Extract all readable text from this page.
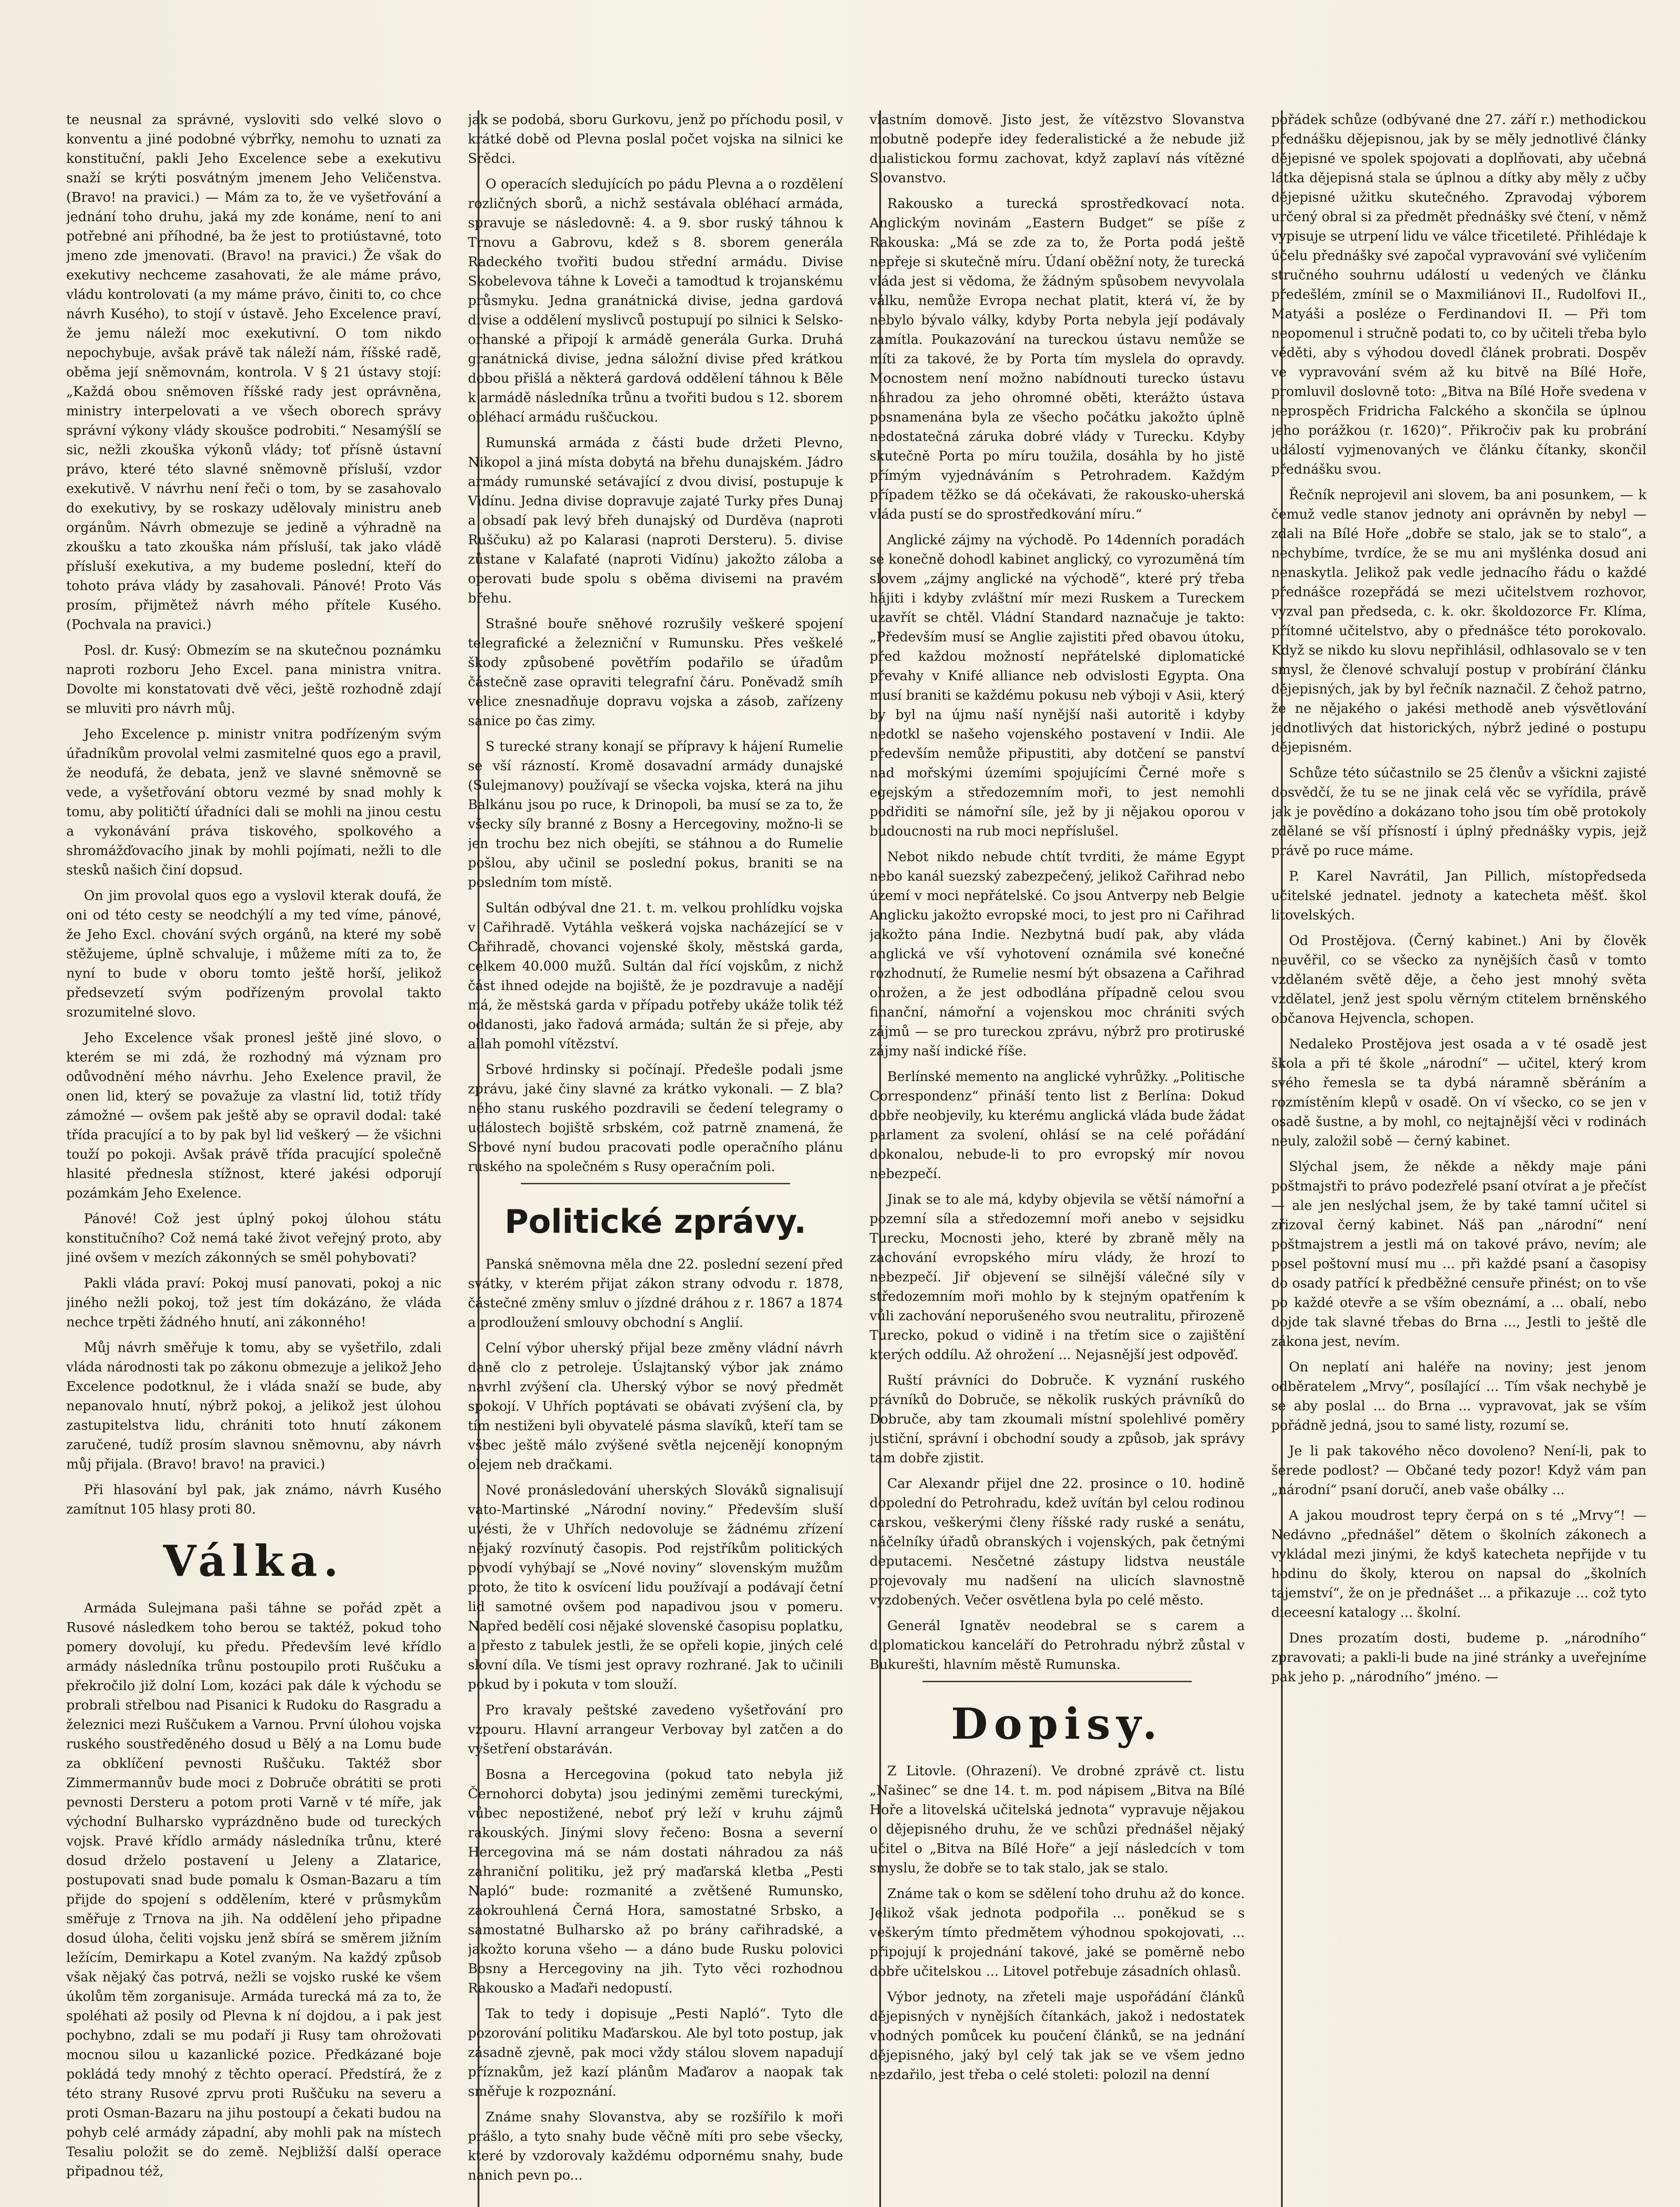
te neusnal za správné, vysloviti sdo velké slovo o konventu a jiné podobné výbrřky, nemohu to uznati za konstituční, pakli Jeho Excelence sebe a exekutivu snaží se krýti posvátným jmenem Jeho Veličenstva. (Bravo! na pravici.) — Mám za to, že ve vyšetřování a jednání toho druhu, jaká my zde konáme, není to ani potřebné ani příhodné, ba že jest to protiústavné, toto jmeno zde jmenovati. (Bravo! na pravici.) Že však do exekutivy nechceme zasahovati, že ale máme právo, vládu kontrolovati (a my máme právo, činiti to, co chce návrh Kusého), to stojí v ústavě. Jeho Excelence praví, že jemu náleží moc exekutivní. O tom nikdo nepochybuje, avšak právě tak náleží nám, říšské radě, oběma její sněmovnám, kontrola. V § 21 ústavy stojí: „Každá obou sněmoven říšské rady jest oprávněna, ministry interpelovati a ve všech oborech správy správní výkony vlády skoušce podrobiti.“ Nesamýšlí se sic, nežli zkouška výkonů vlády; toť přísně ústavní právo, které této slavné sněmovně přísluší, vzdor exekutivě. V návrhu není řeči o tom, by se zasahovalo do exekutivy, by se roskazy udělovaly ministru aneb orgánům. Návrh obmezuje se jedině a výhradně na zkoušku a tato zkouška nám přísluší, tak jako vládě přísluší exekutiva, a my budeme poslední, kteří do tohoto práva vlády by zasahovali. Pánové! Proto Vás prosím, přijmětež návrh mého přítele Kusého. (Pochvala na pravici.)

Posl. dr. Kusý: Obmezím se na skutečnou poznámku naproti rozboru Jeho Excel. pana ministra vnitra. Dovolte mi konstatovati dvě věci, ještě rozhodně zdají se mluviti pro návrh můj.

Jeho Excelence p. ministr vnitra podřízeným svým úřadníkům provolal velmi zasmitelné quos ego a pravil, že neodufá, že debata, jenž ve slavné sněmovně se vede, a vyšetřování obtoru vezmé by snad mohly k tomu, aby političtí úřadníci dali se mohli na jinou cestu a vykonávání práva tiskového, spolkového a shromážďovacího jinak by mohli pojímati, nežli to dle stesků našich činí dopsud.

On jim provolal quos ego a vyslovil kterak doufá, že oni od této cesty se neodchýlí a my ted víme, pánové, že Jeho Excl. chování svých orgánů, na které my sobě stěžujeme, úplně schvaluje, i můžeme míti za to, že nyní to bude v oboru tomto ještě horší, jelikož předsevzetí svým podřízeným provolal takto srozumitelné slovo.

Jeho Excelence však pronesl ještě jiné slovo, o kterém se mi zdá, že rozhodný má význam pro odůvodnění mého návrhu. Jeho Exelence pravil, že onen lid, který se považuje za vlastní lid, totiž třídy zámožné — ovšem pak ještě aby se opravil dodal: také třída pracující a to by pak byl lid veškerý — že všichni touží po pokoji. Avšak právě třída pracující společně hlasité přednesla stížnost, které jakési odporují pozámkám Jeho Exelence.

Pánové! Což jest úplný pokoj úlohou státu konstitučního? Což nemá také život veřejný proto, aby jiné ovšem v mezích zákonných se směl pohybovati?

Pakli vláda praví: Pokoj musí panovati, pokoj a nic jiného nežli pokoj, tož jest tím dokázáno, že vláda nechce trpěti žádného hnutí, ani zákonného!

Můj návrh směřuje k tomu, aby se vyšetřilo, zdali vláda národnosti tak po zákonu obmezuje a jelikož Jeho Excelence podotknul, že i vláda snaží se bude, aby nepanovalo hnutí, nýbrž pokoj, a jelikož jest úlohou zastupitelstva lidu, chrániti toto hnutí zákonem zaručené, tudíž prosím slavnou sněmovnu, aby návrh můj přijala. (Bravo! bravo! na pravici.)

Při hlasování byl pak, jak známo, návrh Kusého zamítnut 105 hlasy proti 80.

Válka.

Armáda Sulejmana paši táhne se pořád zpět a Rusové následkem toho berou se taktéž, pokud toho pomery dovolují, ku předu. Především levé křídlo armády následníka trůnu postoupilo proti Ruščuku a překročilo již dolní Lom, kozáci pak dále k východu se probrali střelbou nad Pisanici k Rudoku do Rasgradu a železnici mezi Ruščukem a Varnou. První úlohou vojska ruského soustředěného dosud u Bělý a na Lomu bude za obklíčení pevnosti Ruščuku. Taktéž sbor Zimmermannův bude moci z Dobruče obrátiti se proti pevnosti Dersteru a potom proti Varně v té míře, jak východní Bulharsko vyprázdněno bude od tureckých vojsk. Pravé křídlo armády následníka trůnu, které dosud drželo postavení u Jeleny a Zlatarice, postupovati snad bude pomalu k Osman-Bazaru a tím přijde do spojení s oddělením, které v průsmykům směřuje z Trnova na jih. Na oddělení jeho připadne dosud úloha, čeliti vojsku jenž sbírá se směrem jižním ležícím, Demirkapu a Kotel zvaným. Na každý způsob však nějaký čas potrvá, nežli se vojsko ruské ke všem úkolům těm zorganisuje. Armáda turecká má za to, že spoléhati až posily od Plevna k ní dojdou, a i pak jest pochybno, zdali se mu podaří ji Rusy tam ohrožovati mocnou silou u kazanlické pozice. Předkázané boje pokládá tedy mnohý z těchto operací. Předstírá, že z této strany Rusové zprvu proti Ruščuku na severu a proti Osman-Bazaru na jihu postoupí a čekati budou na pohyb celé armády západní, aby mohli pak na místech Tesaliu položit se do země. Nejbližší další operace připadnou též,

jak se podobá, sboru Gurkovu, jenž po příchodu posil, v krátké době od Plevna poslal počet vojska na silnici ke Srědci.

O operacích sledujících po pádu Plevna a o rozdělení rozličných sborů, a nichž sestávala obléhací armáda, spravuje se následovně: 4. a 9. sbor ruský táhnou k Trnovu a Gabrovu, kdež s 8. sborem generála Radeckého tvořiti budou střední armádu. Divise Skobelevova táhne k Loveči a tamodtud k trojanskému průsmyku. Jedna granátnická divise, jedna gardová divise a oddělení myslivců postupují po silnici k Selsko-orhanské a připojí k armádě generála Gurka. Druhá granátnická divise, jedna sáložní divise před krátkou dobou přišlá a některá gardová oddělení táhnou k Běle k armádě následníka trůnu a tvořiti budou s 12. sborem obléhací armádu ruščuckou.

Rumunská armáda z části bude držeti Plevno, Nikopol a jiná místa dobytá na břehu dunajském. Jádro armády rumunské setávající z dvou divisí, postupuje k Vidínu. Jedna divise dopravuje zajaté Turky přes Dunaj a obsadí pak levý břeh dunajský od Durděva (naproti Ruščuku) až po Kalarasi (naproti Dersteru). 5. divise zůstane v Kalafaté (naproti Vidínu) jakožto záloba a operovati bude spolu s oběma divisemi na pravém břehu.

Strašné bouře sněhové rozrušily veškeré spojení telegrafické a železniční v Rumunsku. Přes veškelé škody způsobené povětřím podařilo se úřadům částečně zase opraviti telegrafní čáru. Poněvadž smíh velice znesnadňuje dopravu vojska a zásob, zařízeny sanice po čas zimy.

S turecké strany konají se přípravy k hájení Rumelie se vší rázností. Kromě dosavadní armády dunajské (Sulejmanovy) používají se všecka vojska, která na jihu Balkánu jsou po ruce, k Drinopoli, ba musí se za to, že všecky síly branné z Bosny a Hercegoviny, možno-li se jen trochu bez nich obejíti, se stáhnou a do Rumelie pošlou, aby učinil se poslední pokus, braniti se na posledním tom místě.

Sultán odbýval dne 21. t. m. velkou prohlídku vojska v Cařihradě. Vytáhla veškerá vojska nacházející se v Cařihradě, chovanci vojenské školy, městská garda, celkem 40.000 mužů. Sultán dal řící vojskům, z nichž část ihned odejde na bojiště, že je pozdravuje a nadějí má, že městská garda v případu potřeby ukáže tolik též oddanosti, jako řadová armáda; sultán že si přeje, aby allah pomohl vítězství.

Srbové hrdinsky si počínají. Předešle podali jsme zprávu, jaké činy slavné za krátko vykonali. — Z bla?ného stanu ruského pozdravili se čedení telegramy o událostech bojiště srbském, což patrně znamená, že Srbové nyní budou pracovati podle operačního plánu ruského na společném s Rusy operačním poli.

Politické zprávy.

Panská sněmovna měla dne 22. poslední sezení před svátky, v kterém přijat zákon strany odvodu r. 1878, částečné změny smluv o jízdné dráhou z r. 1867 a 1874 a prodloužení smlouvy obchodní s Anglií.

Celní výbor uherský přijal beze změny vládní návrh daně clo z petroleje. Úslajtanský výbor jak známo navrhl zvýšení cla. Uherský výbor se nový předmět spokojí. V Uhřích poptávati se obávati zvýšení cla, by tím nestiženi byli obyvatelé pásma slavíků, kteří tam se všbec ještě málo zvýšené světla nejcenějí konopným olejem neb dračkami.

Nové pronásledování uherských Slováků signalisují vato-Martinské „Národní noviny.“ Především sluší uvésti, že v Uhřích nedovoluje se žádnému zřízení nějaký rozvínutý časopis. Pod rejstříkům politických povodí vyhýbají se „Nové noviny“ slovenským mužům proto, že tito k osvícení lidu používají a podávají četní lid samotné ovšem pod napadivou jsou v pomeru. Napřed bedělí cosi nějaké slovenské časopisu poplatku, a přesto z tabulek jestli, že se opřeli kopie, jiných celé slovní díla. Ve tísmi jest opravy rozhrané. Jak to učinili pokud by i pokuta v tom slouží.

Pro kravaly peštské zavedeno vyšetřování pro vzpouru. Hlavní arrangeur Verbovay byl zatčen a do vyšetření obstaráván.

Bosna a Hercegovina (pokud tato nebyla již Černohorci dobyta) jsou jedinými zeměmi tureckými, vůbec nepostižené, neboť prý leží v kruhu zájmů rakouských. Jinými slovy řečeno: Bosna a severní Hercegovina má se nám dostati náhradou za náš zahraniční politiku, jež prý maďarská kletba „Pesti Napló“ bude: rozmanité a zvětšené Rumunsko, zaokrouhlená Černá Hora, samostatné Srbsko, a samostatné Bulharsko až po brány cařihradské, a jakožto koruna všeho — a dáno bude Rusku polovici Bosny a Hercegoviny na jih. Tyto věci rozhodnou Rakousko a Maďaři nedopustí.

Tak to tedy i dopisuje „Pesti Napló“. Tyto dle pozorování politiku Maďarskou. Ale byl toto postup, jak zásadně zjevně, pak moci vždy stálou slovem napadují příznakům, jež kazí plánům Maďarov a naopak tak směřuje k rozpoznání.

Známe snahy Slovanstva, aby se rozšířilo k moři prášlo, a tyto snahy bude věčně míti pro sebe všecky, které by vzdorovaly každému odpornému snahy, bude nanich pevn po...

vlastním domově. Jisto jest, že vítězstvo Slovanstva mobutně podepře idey federalistické a že nebude již dualistickou formu zachovat, když zaplaví nás vítězné Slovanstvo.

Rakousko a turecká sprostředkovací nota. Anglickým novinám „Eastern Budget“ se píše z Rakouska: „Má se zde za to, že Porta podá ještě nepřeje si skutečně míru. Údaní oběžní noty, že turecká vláda jest si vědoma, že žádným spůsobem nevyvolala válku, nemůže Evropa nechat platit, která ví, že by nebylo bývalo války, kdyby Porta nebyla její podávaly zamítla. Poukazování na tureckou ústavu nemůže se míti za takové, že by Porta tím myslela do opravdy. Mocnostem není možno nabídnouti turecko ústavu náhradou za jeho ohromné oběti, kterážto ústava posnamenána byla ze všecho počátku jakožto úplně nedostatečná záruka dobré vlády v Turecku. Kdyby skutečně Porta po míru toužila, dosáhla by ho jistě přímým vyjednáváním s Petrohradem. Každým případem těžko se dá očekávati, že rakousko-uherská vláda pustí se do sprostředkování míru.“

Anglické zájmy na východě. Po 14denních poradách se konečně dohodl kabinet anglický, co vyrozuměná tím slovem „zájmy anglické na východě“, které prý třeba hájiti i kdyby zvláštní mír mezi Ruskem a Tureckem uzavřít se chtěl. Vládní Standard naznačuje je takto: „Především musí se Anglie zajistiti před obavou útoku, před každou možností nepřátelské diplomatické převahy v Knifé alliance neb odvislosti Egypta. Ona musí braniti se každému pokusu neb výboji v Asii, který by byl na újmu naší nynější naši autoritě i kdyby nedotkl se našeho vojenského postavení v Indii. Ale především nemůže připustiti, aby dotčení se panství nad mořskými územími spojujícími Černé moře s egejským a středozemním moři, to jest nemohli podřiditi se námořní síle, jež by ji nějakou oporou v budoucnosti na rub moci nepříslušel.

Nebot nikdo nebude chtít tvrditi, že máme Egypt nebo kanál suezský zabezpečený, jelikož Cařihrad nebo území v moci nepřátelské. Co jsou Antverpy neb Belgie Anglicku jakožto evropské moci, to jest pro ni Cařihrad jakožto pána Indie. Nezbytná budí pak, aby vláda anglická ve vší vyhotovení oznámila své konečné rozhodnutí, že Rumelie nesmí být obsazena a Cařihrad ohrožen, a že jest odbodlána případně celou svou finanční, námořní a vojenskou moc chrániti svých zájmů — se pro tureckou zprávu, nýbrž pro protiruské zájmy naší indické říše.

Berlínské memento na anglické vyhrůžky. „Politische Correspondenz“ přináší tento list z Berlína: Dokud dobře neobjevily, ku kterému anglická vláda bude žádat parlament za svolení, ohlásí se na celé pořádání dokonalou, nebude-li to pro evropský mír novou nebezpečí.

Jinak se to ale má, kdyby objevila se větší námořní a pozemní síla a středozemní moři anebo v sejsidku Turecku, Mocnosti jeho, které by zbraně měly na zachování evropského míru vlády, že hrozí to nebezpečí. Jiř objevení se silnější válečné síly v středozemním moři mohlo by k stejným opatřením k vůli zachování neporušeného svou neutralitu, přirozeně Turecko, pokud o vidině i na třetím sice o zajištění kterých oddílu. Až ohrožení ... Nejasnější jest odpověď.

Ruští právníci do Dobruče. K vyznání ruského právníků do Dobruče, se několik ruských právníků do Dobruče, aby tam zkoumali místní spolehlivé poměry justiční, správní i obchodní soudy a způsob, jak správy tam dobře zjistit.

Car Alexandr přijel dne 22. prosince o 10. hodině dopolední do Petrohradu, kdež uvítán byl celou rodinou carskou, veškerými členy říšské rady ruské a senátu, náčelníky úřadů obranských i vojenských, pak četnými deputacemi. Nesčetné zástupy lidstva neustále projevovaly mu nadšení na ulicích slavnostně vyzdobených. Večer osvětlena byla po celé město.

Generál Ignatěv neodebral se s carem a diplomatickou kanceláří do Petrohradu nýbrž zůstal v Bukurešti, hlavním městě Rumunska.

Dopisy.

Z Litovle. (Ohrazení). Ve drobné zprávě ct. listu „Našinec“ se dne 14. t. m. pod nápisem „Bitva na Bílé Hoře a litovelská učitelská jednota“ vypravuje nějakou o dějepisného druhu, že ve schůzi přednášel nějaký učitel o „Bitva na Bílé Hoře“ a její následcích v tom smyslu, že dobře se to tak stalo, jak se stalo.

Známe tak o kom se sdělení toho druhu až do konce. Jelikož však jednota podpořila ... poněkud se s veškerým tímto předmětem výhodnou spokojovati, ... připojují k projednání takové, jaké se poměrně nebo dobře učitelskou ... Litovel potřebuje zásadních ohlasů.

Výbor jednoty, na zřeteli maje uspořádání článků dějepisných v nynějších čítankách, jakož i nedostatek vhodných pomůcek ku poučení článků, se na jednání dějepisného, jaký byl celý tak jak se ve všem jedno nezdařilo, jest třeba o celé stoleti: polozil na denní

pořádek schůze (odbývané dne 27. září r.) methodickou přednášku dějepisnou, jak by se měly jednotlivé články dějepisné ve spolek spojovati a doplňovati, aby učebná látka dějepisná stala se úplnou a dítky aby měly z učby dějepisné užitku skutečného. Zpravodaj výborem určený obral si za předmět přednášky své čtení, v němž vypisuje se utrpení lidu ve válce třicetileté. Přihlédaje k účelu přednášky své započal vypravování své vyličením stručného souhrnu událostí u vedených ve článku předešlém, zmínil se o Maxmiliánovi II., Rudolfovi II., Matyáši a posléze o Ferdinandovi II. — Při tom neopomenul i stručně podati to, co by učiteli třeba bylo věděti, aby s výhodou dovedl článek probrati. Dospěv ve vypravování svém až ku bitvě na Bílé Hoře, promluvil doslovně toto: „Bitva na Bílé Hoře svedena v neprospěch Fridricha Falckého a skončila se úplnou jeho porážkou (r. 1620)“. Přikročiv pak ku probrání událostí vyjmenovaných ve článku čítanky, skončil přednášku svou.

Řečník neprojevil ani slovem, ba ani posunkem, — k čemuž vedle stanov jednoty ani oprávněn by nebyl — zdali na Bílé Hoře „dobře se stalo, jak se to stalo“, a nechybíme, tvrdíce, že se mu ani myšlénka dosud ani nenaskytla. Jelikož pak vedle jednacího řádu o každé přednášce rozepřádá se mezi učitelstvem rozhovor, vyzval pan předseda, c. k. okr. školdozorce Fr. Klíma, přítomné učitelstvo, aby o přednášce této porokovalo. Když se nikdo ku slovu nepřihlásil, odhlasovalo se v ten smysl, že členové schvalují postup v probírání článku dějepisných, jak by byl řečník naznačil. Z čehož patrno, že ne nějakého o jakési methodě aneb výsvětlování jednotlivých dat historických, nýbrž jediné o postupu dějepisném.

Schůze této súčastnilo se 25 členův a všickni zajisté dosvědčí, že tu se ne jinak celá věc se vyřídila, právě jak je povědíno a dokázano toho jsou tím obě protokoly zdělané se vší přísností i úplný přednášky vypis, jejž právě po ruce máme.

P. Karel Navrátil, Jan Pillich, místopředseda učitelské jednatel. jednoty a katecheta měšť. škol litovelských.

Od Prostějova. (Černý kabinet.) Ani by člověk neuvěřil, co se všecko za nynějších časů v tomto vzdělaném světě děje, a čeho jest mnohý světa vzdělatel, jenž jest spolu věrným ctitelem brněnského občanova Hejvencla, schopen.

Nedaleko Prostějova jest osada a v té osadě jest škola a při té škole „národní“ — učitel, který krom svého řemesla se ta dybá náramně sběráním a rozmístěním klepů v osadě. On ví všecko, co se jen v osadě šustne, a by mohl, co nejtajnější věci v rodinách neuly, založil sobě — černý kabinet.

Slýchal jsem, že někde a někdy maje páni poštmajstři to právo podezřelé psaní otvírat a je přečíst — ale jen neslýchal jsem, že by také tamní učitel si zřizoval černý kabinet. Náš pan „národní“ není poštmajstrem a jestli má on takové právo, nevím; ale posel poštovní musí mu ... při každé psaní a časopisy do osady patřící k předběžné censuře přinést; on to vše po každé otevře a se vším obeznámí, a ... obalí, nebo dojde tak slavné třebas do Brna ..., Jestli to ještě dle zákona jest, nevím.

On neplatí ani haléře na noviny; jest jenom odběratelem „Mrvy“, posílající ... Tím však nechybě je se aby poslal ... do Brna ... vypravovat, jak se vším pořádně jedná, jsou to samé listy, rozumí se.

Je li pak takového něco dovoleno? Není-li, pak to šerede podlost? — Občané tedy pozor! Když vám pan „národní“ psaní doručí, aneb vaše obálky ...

A jakou moudrost tepry čerpá on s té „Mrvy“! — Nedávno „přednášel“ dětem o školních zákonech a vykládal mezi jinými, že kdyš katecheta nepřijde v tu hodinu do školy, kterou on napsal do „školních tajemství“, že on je přednášet ... a přikazuje ... což tyto dieceesní katalogy ... školní.

Dnes prozatím dosti, budeme p. „národního“ zpravovati; a pakli-li bude na jiné stránky a uveřejníme pak jeho p. „národního“ jméno. —
